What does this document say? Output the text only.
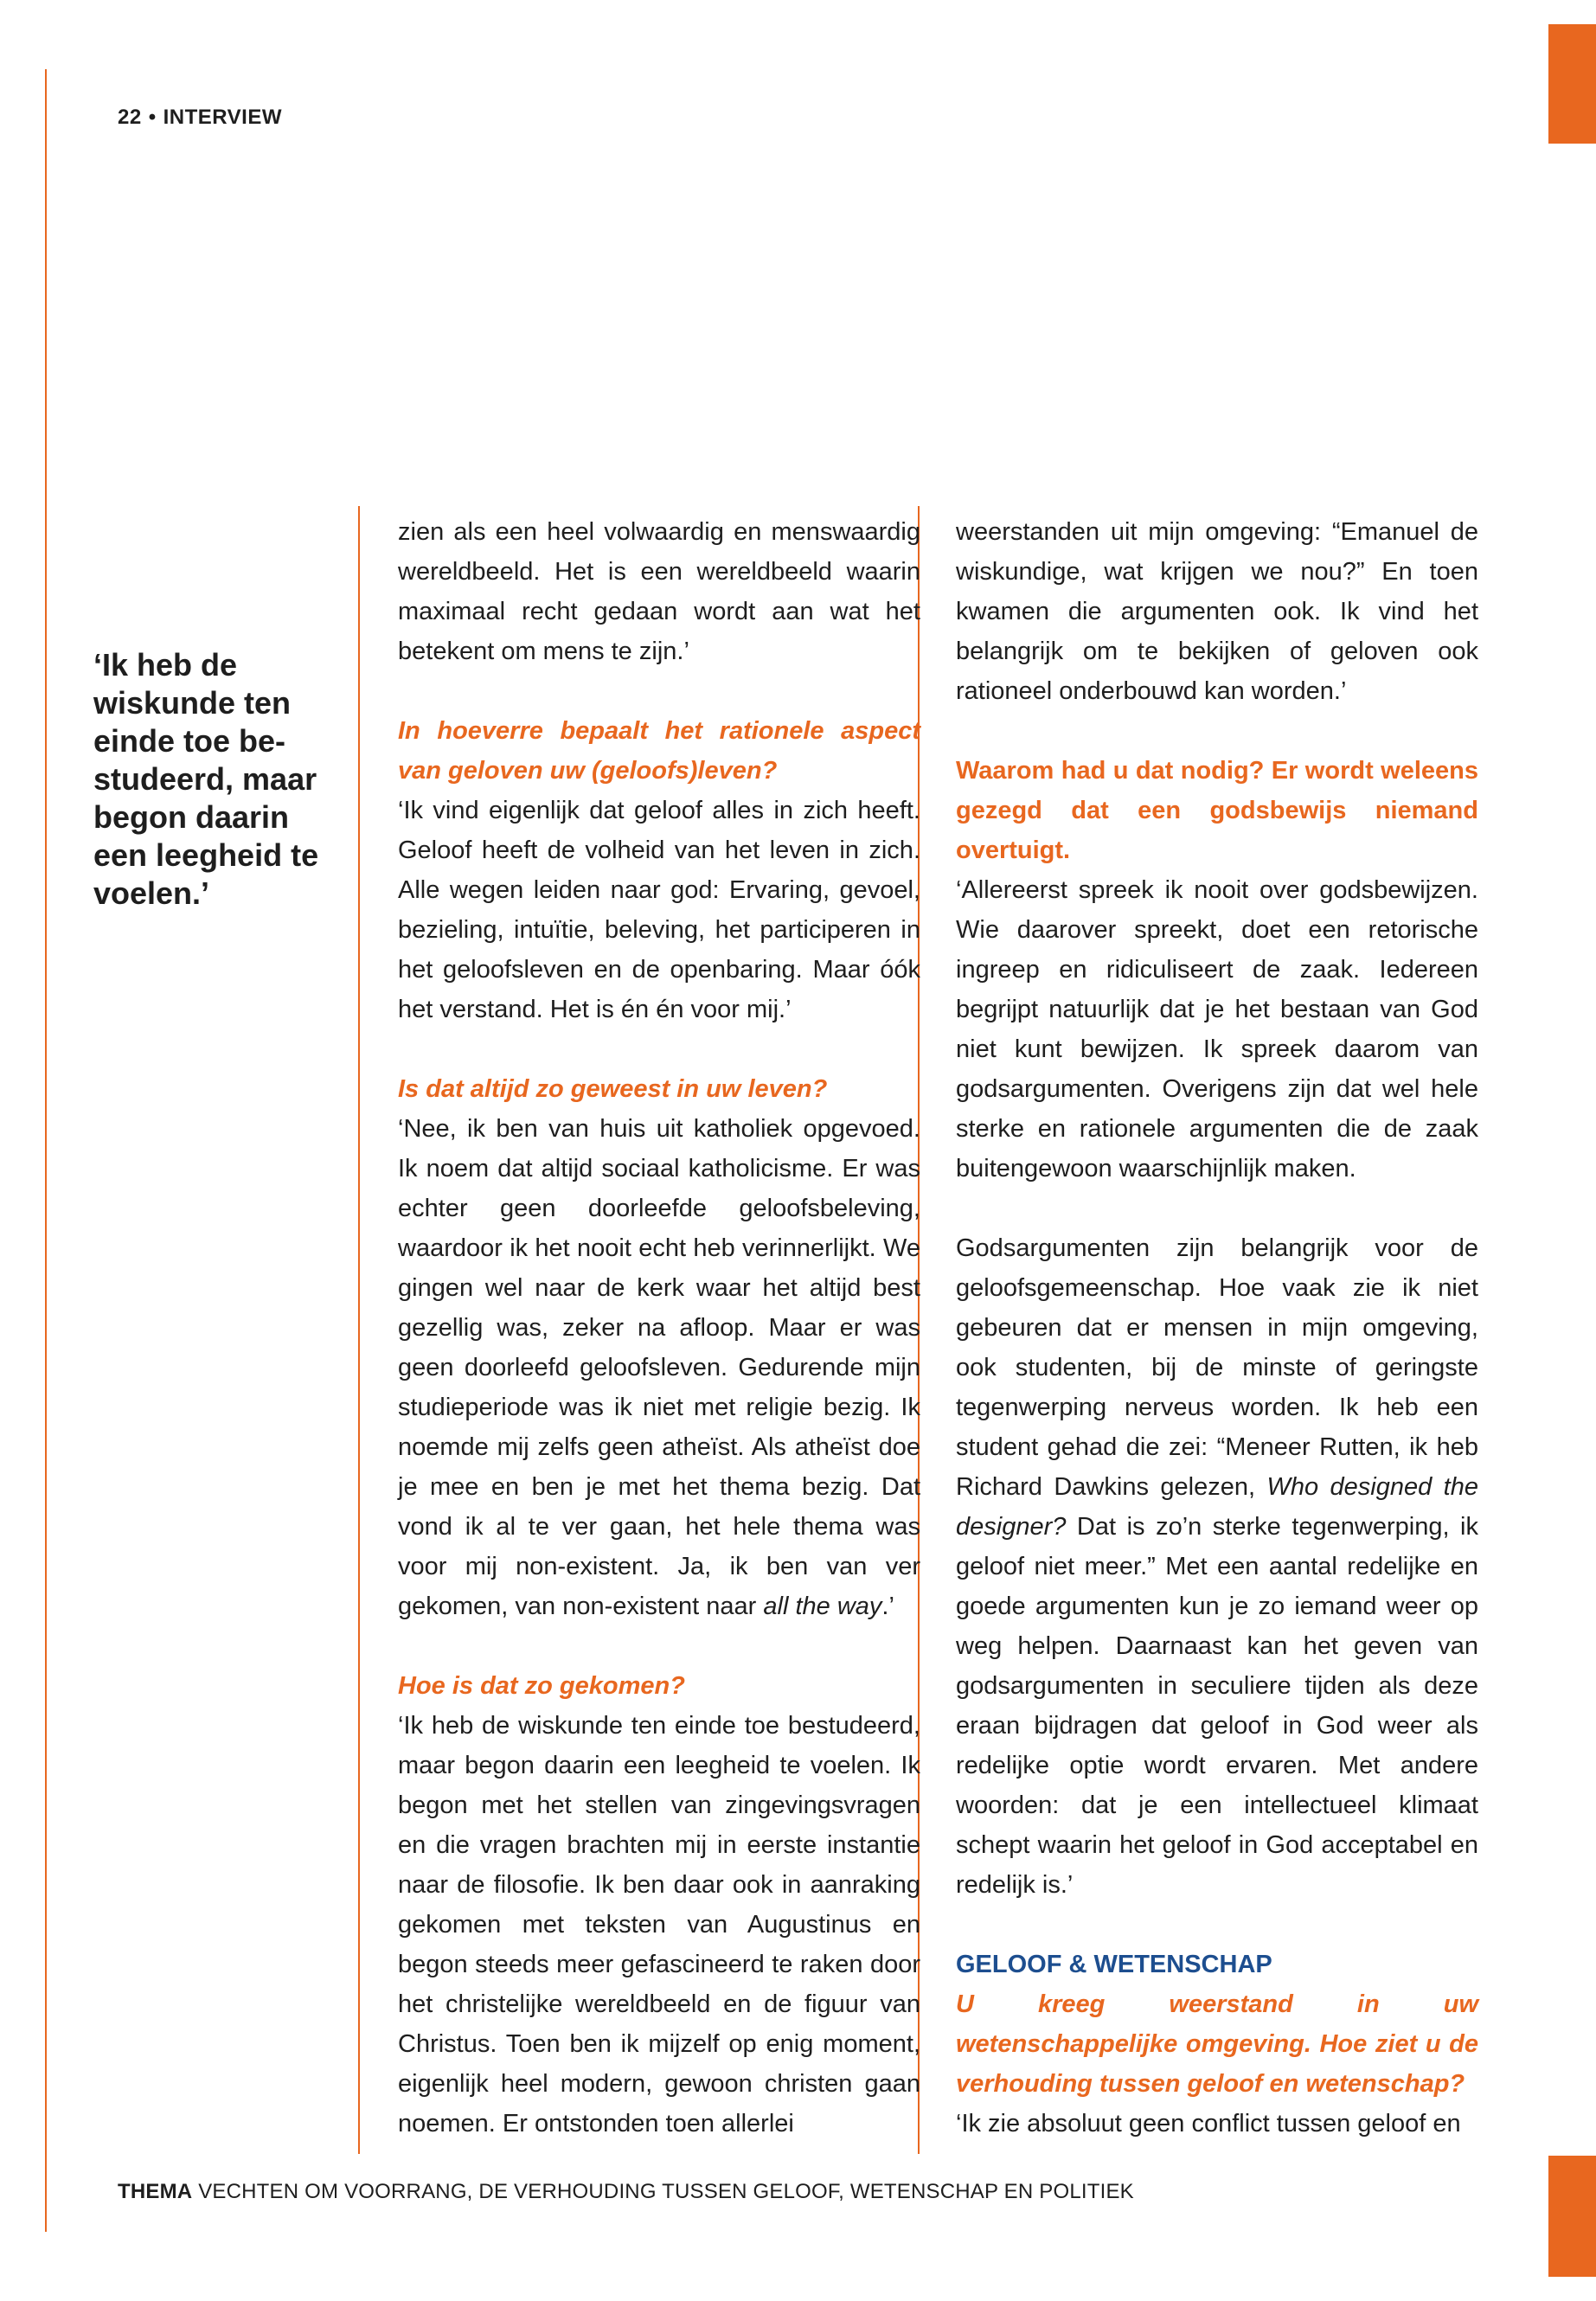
22 • INTERVIEW
‘Ik heb de wiskunde ten einde toe be-studeerd, maar begon daarin een leegheid te voelen.’

zien als een heel volwaardig en menswaardig wereldbeeld. Het is een wereldbeeld waarin maximaal recht gedaan wordt aan wat het betekent om mens te zijn.’

In hoeverre bepaalt het rationele aspect van geloven uw (geloofs)leven?

‘Ik vind eigenlijk dat geloof alles in zich heeft. Geloof heeft de volheid van het leven in zich. Alle wegen leiden naar god: Ervaring, gevoel, bezieling, intuïtie, beleving, het participeren in het geloofsleven en de openbaring. Maar óók het verstand. Het is én én voor mij.’

Is dat altijd zo geweest in uw leven?

‘Nee, ik ben van huis uit katholiek opgevoed. Ik noem dat altijd sociaal katholicisme. Er was echter geen doorleefde geloofsbeleving, waardoor ik het nooit echt heb verinnerlijkt. We gingen wel naar de kerk waar het altijd best gezellig was, zeker na afloop. Maar er was geen doorleefd geloofsleven. Gedurende mijn studieperiode was ik niet met religie bezig. Ik noemde mij zelfs geen atheïst. Als atheïst doe je mee en ben je met het thema bezig. Dat vond ik al te ver gaan, het hele thema was voor mij non-existent. Ja, ik ben van ver gekomen, van non-existent naar all the way.’

Hoe is dat zo gekomen?

‘Ik heb de wiskunde ten einde toe bestudeerd, maar begon daarin een leegheid te voelen. Ik begon met het stellen van zingevingsvragen en die vragen brachten mij in eerste instantie naar de filosofie. Ik ben daar ook in aanraking gekomen met teksten van Augustinus en begon steeds meer gefascineerd te raken door het christelijke wereldbeeld en de figuur van Christus. Toen ben ik mijzelf op enig moment, eigenlijk heel modern, gewoon christen gaan noemen. Er ontstonden toen allerlei

weerstanden uit mijn omgeving: “Emanuel de wiskundige, wat krijgen we nou?” En toen kwamen die argumenten ook. Ik vind het belangrijk om te bekijken of geloven ook rationeel onderbouwd kan worden.’

Waarom had u dat nodig? Er wordt weleens gezegd dat een godsbewijs niemand overtuigt.

‘Allereerst spreek ik nooit over godsbewijzen. Wie daarover spreekt, doet een retorische ingreep en ridiculiseert de zaak. Iedereen begrijpt natuurlijk dat je het bestaan van God niet kunt bewijzen. Ik spreek daarom van godsargumenten. Overigens zijn dat wel hele sterke en rationele argumenten die de zaak buitengewoon waarschijnlijk maken.

Godsargumenten zijn belangrijk voor de geloofsgemeenschap. Hoe vaak zie ik niet gebeuren dat er mensen in mijn omgeving, ook studenten, bij de minste of geringste tegenwerping nerveus worden. Ik heb een student gehad die zei: “Meneer Rutten, ik heb Richard Dawkins gelezen, Who designed the designer? Dat is zo’n sterke tegenwerping, ik geloof niet meer.” Met een aantal redelijke en goede argumenten kun je zo iemand weer op weg helpen. Daarnaast kan het geven van godsargumenten in seculiere tijden als deze eraan bijdragen dat geloof in God weer als redelijke optie wordt ervaren. Met andere woorden: dat je een intellectueel klimaat schept waarin het geloof in God acceptabel en redelijk is.’

GELOOF & WETENSCHAP

U kreeg weerstand in uw wetenschappelijke omgeving. Hoe ziet u de verhouding tussen geloof en wetenschap?

‘Ik zie absoluut geen conflict tussen geloof en

THEMA VECHTEN OM VOORRANG, DE VERHOUDING TUSSEN GELOOF, WETENSCHAP EN POLITIEK
